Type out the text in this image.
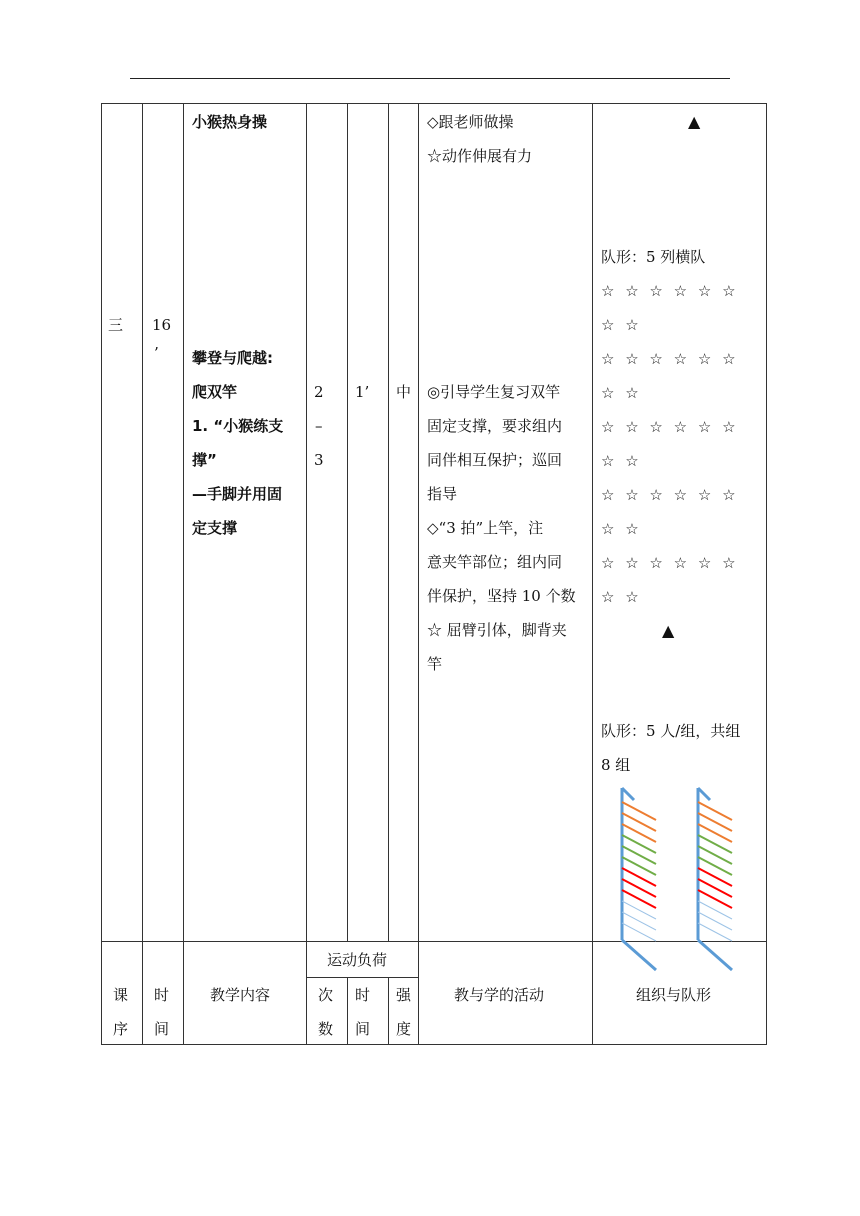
三 16
’
小猴热身操
攀登与爬越:
爬双竿
1. “小猴练支
撑”
—手脚并用固
定支撑
2
–
3
1’ 中
◇跟老师做操
☆动作伸展有力
◎引导学生复习双竿
固定支撑，要求组内
同伴相互保护；巡回
指导
◇“3 拍”上竿，注
意夹竿部位；组内同
伴保护，坚持 10 个数
☆ 屈臂引体，脚背夹
竿
▲
队形：5 列横队
☆ ☆ ☆ ☆ ☆ ☆
☆ ☆
☆ ☆ ☆ ☆ ☆ ☆
☆ ☆
☆ ☆ ☆ ☆ ☆ ☆
☆ ☆
☆ ☆ ☆ ☆ ☆ ☆
☆ ☆
☆ ☆ ☆ ☆ ☆ ☆
☆ ☆
▲
队形：5 人/组，共组
8 组
课
序
时
间
教学内容
运动负荷
次
数
时
间
强
度
教与学的活动	组织与队形
